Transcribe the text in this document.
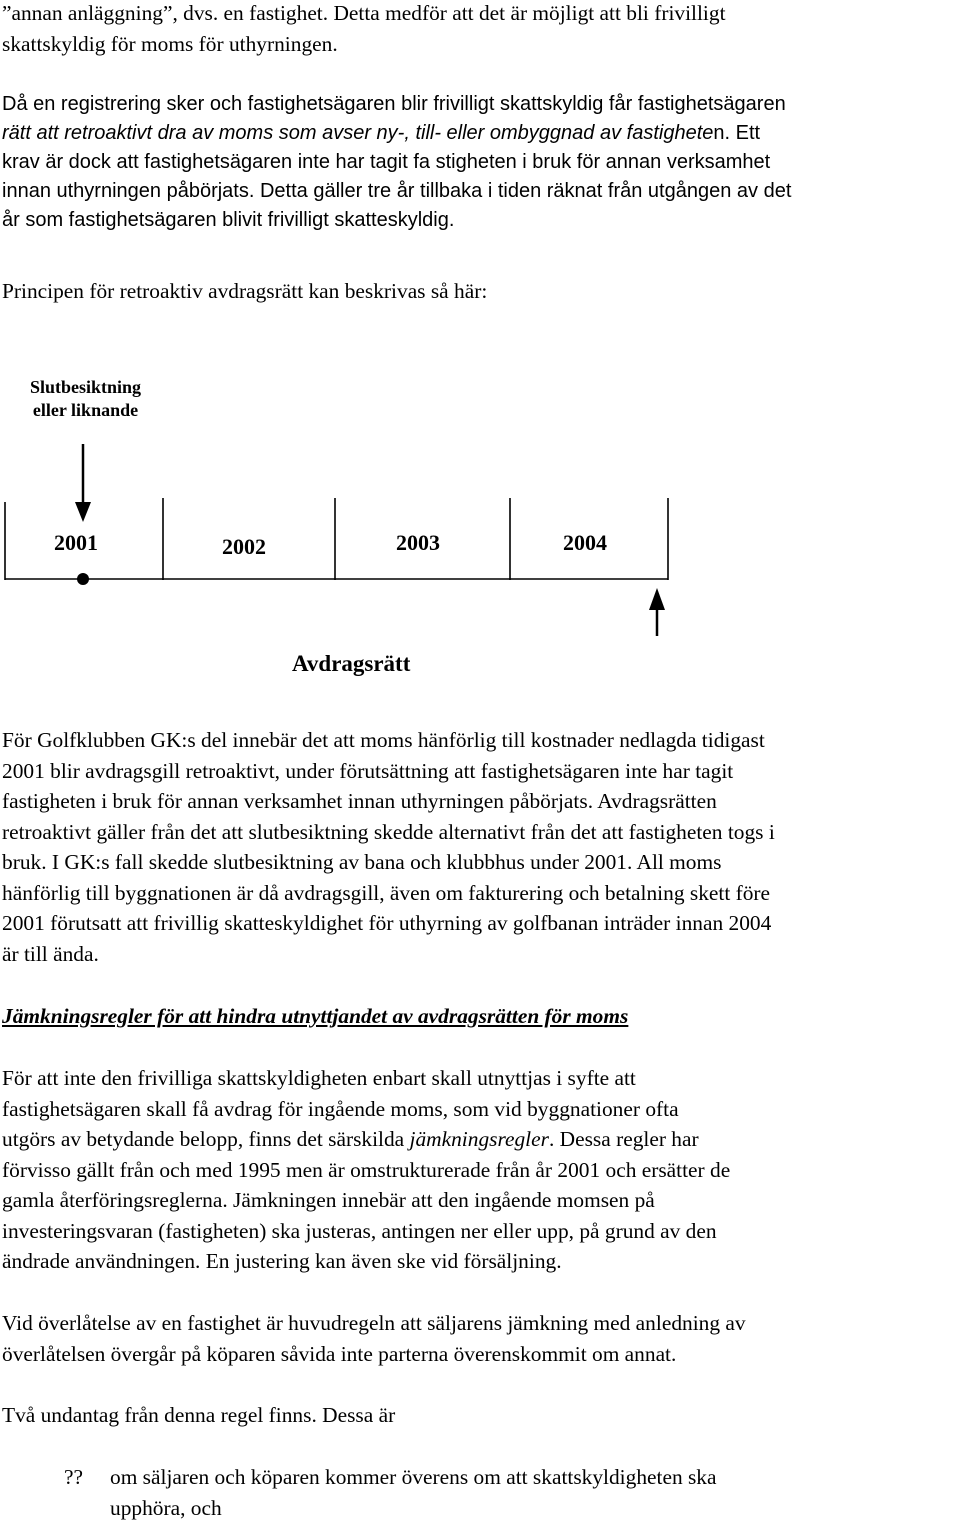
”annan anläggning”, dvs. en fastighet. Detta medför att det är möjligt att bli frivilligt
skattskyldig för moms för uthyrningen.
Då en registrering sker och fastighetsägaren blir frivilligt skattskyldig får fastighetsägaren
rätt att retroaktivt dra av moms som avser ny-, till- eller ombyggnad av fastigheten. Ett
krav är dock att fastighetsägaren inte har tagit fa stigheten i bruk för annan verksamhet
innan uthyrningen påbörjats. Detta gäller tre år tillbaka i tiden räknat från utgången av det
år som fastighetsägaren blivit frivilligt skatteskyldig.
Principen för retroaktiv avdragsrätt kan beskrivas så här:
Slutbesiktning
eller liknande
2001	2002	2003	2004
Avdragsrätt
För Golfklubben GK:s del innebär det att moms hänförlig till kostnader nedlagda tidigast
2001 blir avdragsgill retroaktivt, under förutsättning att fastighetsägaren inte har tagit
fastigheten i bruk för annan verksamhet innan uthyrningen påbörjats. Avdragsrätten
retroaktivt gäller från det att slutbesiktning skedde alternativt från det att fastigheten togs i
bruk. I GK:s fall skedde slutbesiktning av bana och klubbhus under 2001. All moms
hänförlig till byggnationen är då avdragsgill, även om fakturering och betalning skett före
2001 förutsatt att frivillig skatteskyldighet för uthyrning av golfbanan inträder innan 2004
är till ända.
Jämkningsregler för att hindra utnyttjandet av avdragsrätten för moms
För att inte den frivilliga skattskyldigheten enbart skall utnyttjas i syfte att
fastighetsägaren skall få avdrag för ingående moms, som vid byggnationer ofta
utgörs av betydande belopp, finns det särskilda jämkningsregler. Dessa regler har
förvisso gällt från och med 1995 men är omstrukturerade från år 2001 och ersätter de
gamla återföringsreglerna. Jämkningen innebär att den ingående momsen på
investeringsvaran (fastigheten) ska justeras, antingen ner eller upp, på grund av den
ändrade användningen. En justering kan även ske vid försäljning.
Vid överlåtelse av en fastighet är huvudregeln att säljarens jämkning med anledning av
överlåtelsen övergår på köparen såvida inte parterna överenskommit om annat.
Två undantag från denna regel finns. Dessa är
?? om säljaren och köparen kommer överens om att skattskyldigheten ska
upphöra, och
